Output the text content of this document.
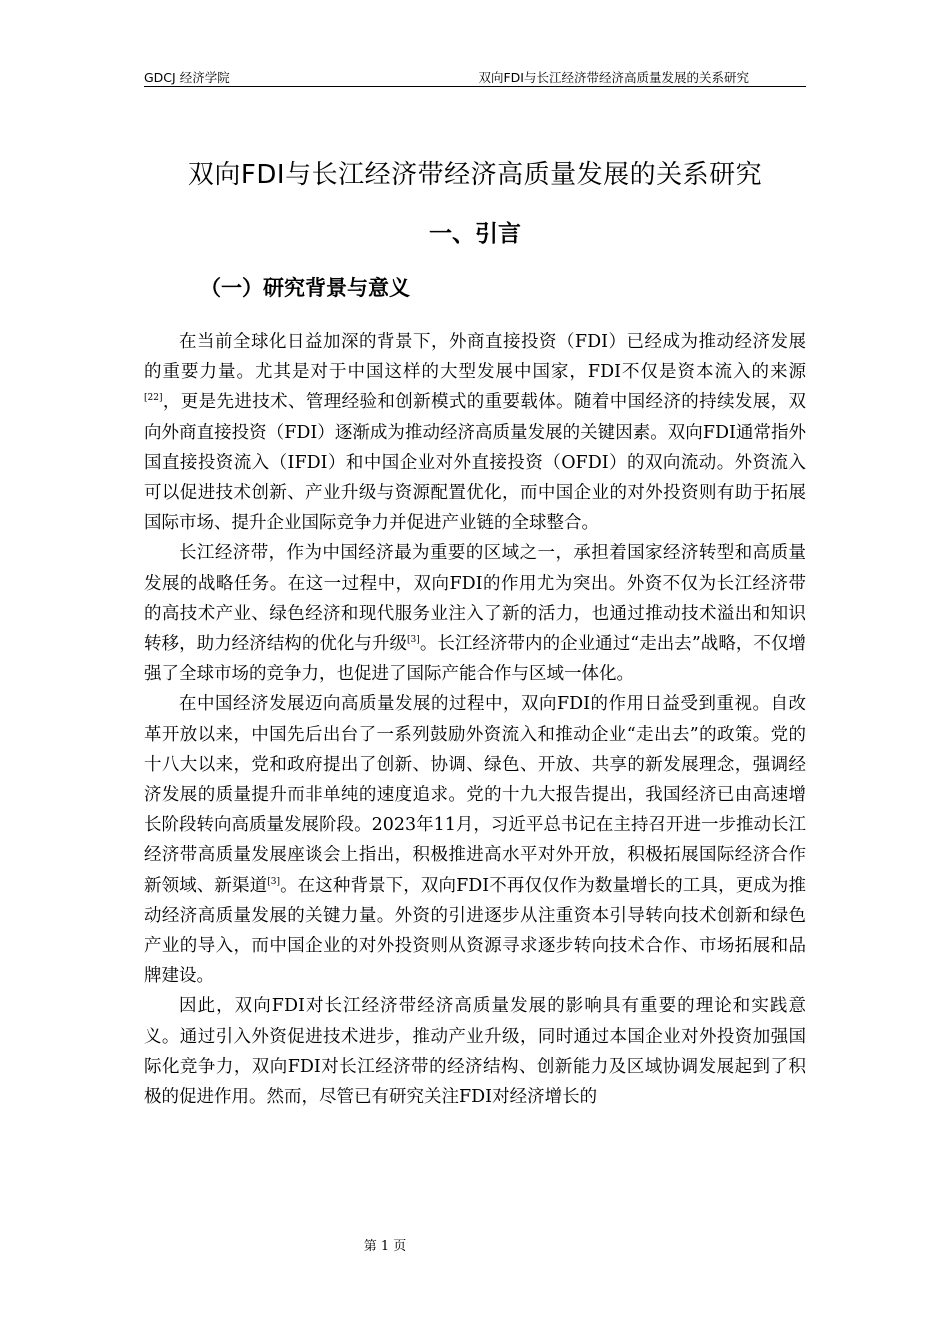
GDCJ 经济学院	双向FDI与长江经济带经济高质量发展的关系研究
双向FDI与长江经济带经济高质量发展的关系研究
一、引言
（一）研究背景与意义

在当前全球化日益加深的背景下，外商直接投资（FDI）已经成为推动经济发展的重要力量。尤其是对于中国这样的大型发展中国家，FDI不仅是资本流入的来源[22]，更是先进技术、管理经验和创新模式的重要载体。随着中国经济的持续发展，双向外商直接投资（FDI）逐渐成为推动经济高质量发展的关键因素。双向FDI通常指外国直接投资流入（IFDI）和中国企业对外直接投资（OFDI）的双向流动。外资流入可以促进技术创新、产业升级与资源配置优化，而中国企业的对外投资则有助于拓展国际市场、提升企业国际竞争力并促进产业链的全球整合。

长江经济带，作为中国经济最为重要的区域之一，承担着国家经济转型和高质量发展的战略任务。在这一过程中，双向FDI的作用尤为突出。外资不仅为长江经济带的高技术产业、绿色经济和现代服务业注入了新的活力，也通过推动技术溢出和知识转移，助力经济结构的优化与升级[3]。长江经济带内的企业通过“走出去”战略，不仅增强了全球市场的竞争力，也促进了国际产能合作与区域一体化。

在中国经济发展迈向高质量发展的过程中，双向FDI的作用日益受到重视。自改革开放以来，中国先后出台了一系列鼓励外资流入和推动企业“走出去”的政策。党的十八大以来，党和政府提出了创新、协调、绿色、开放、共享的新发展理念，强调经济发展的质量提升而非单纯的速度追求。党的十九大报告提出，我国经济已由高速增长阶段转向高质量发展阶段。2023年11月，习近平总书记在主持召开进一步推动长江经济带高质量发展座谈会上指出，积极推进高水平对外开放，积极拓展国际经济合作新领域、新渠道[3]。在这种背景下，双向FDI不再仅仅作为数量增长的工具，更成为推动经济高质量发展的关键力量。外资的引进逐步从注重资本引导转向技术创新和绿色产业的导入，而中国企业的对外投资则从资源寻求逐步转向技术合作、市场拓展和品牌建设。

因此，双向FDI对长江经济带经济高质量发展的影响具有重要的理论和实践意义。通过引入外资促进技术进步，推动产业升级，同时通过本国企业对外投资加强国际化竞争力，双向FDI对长江经济带的经济结构、创新能力及区域协调发展起到了积极的促进作用。然而，尽管已有研究关注FDI对经济增长的

第 1 页
